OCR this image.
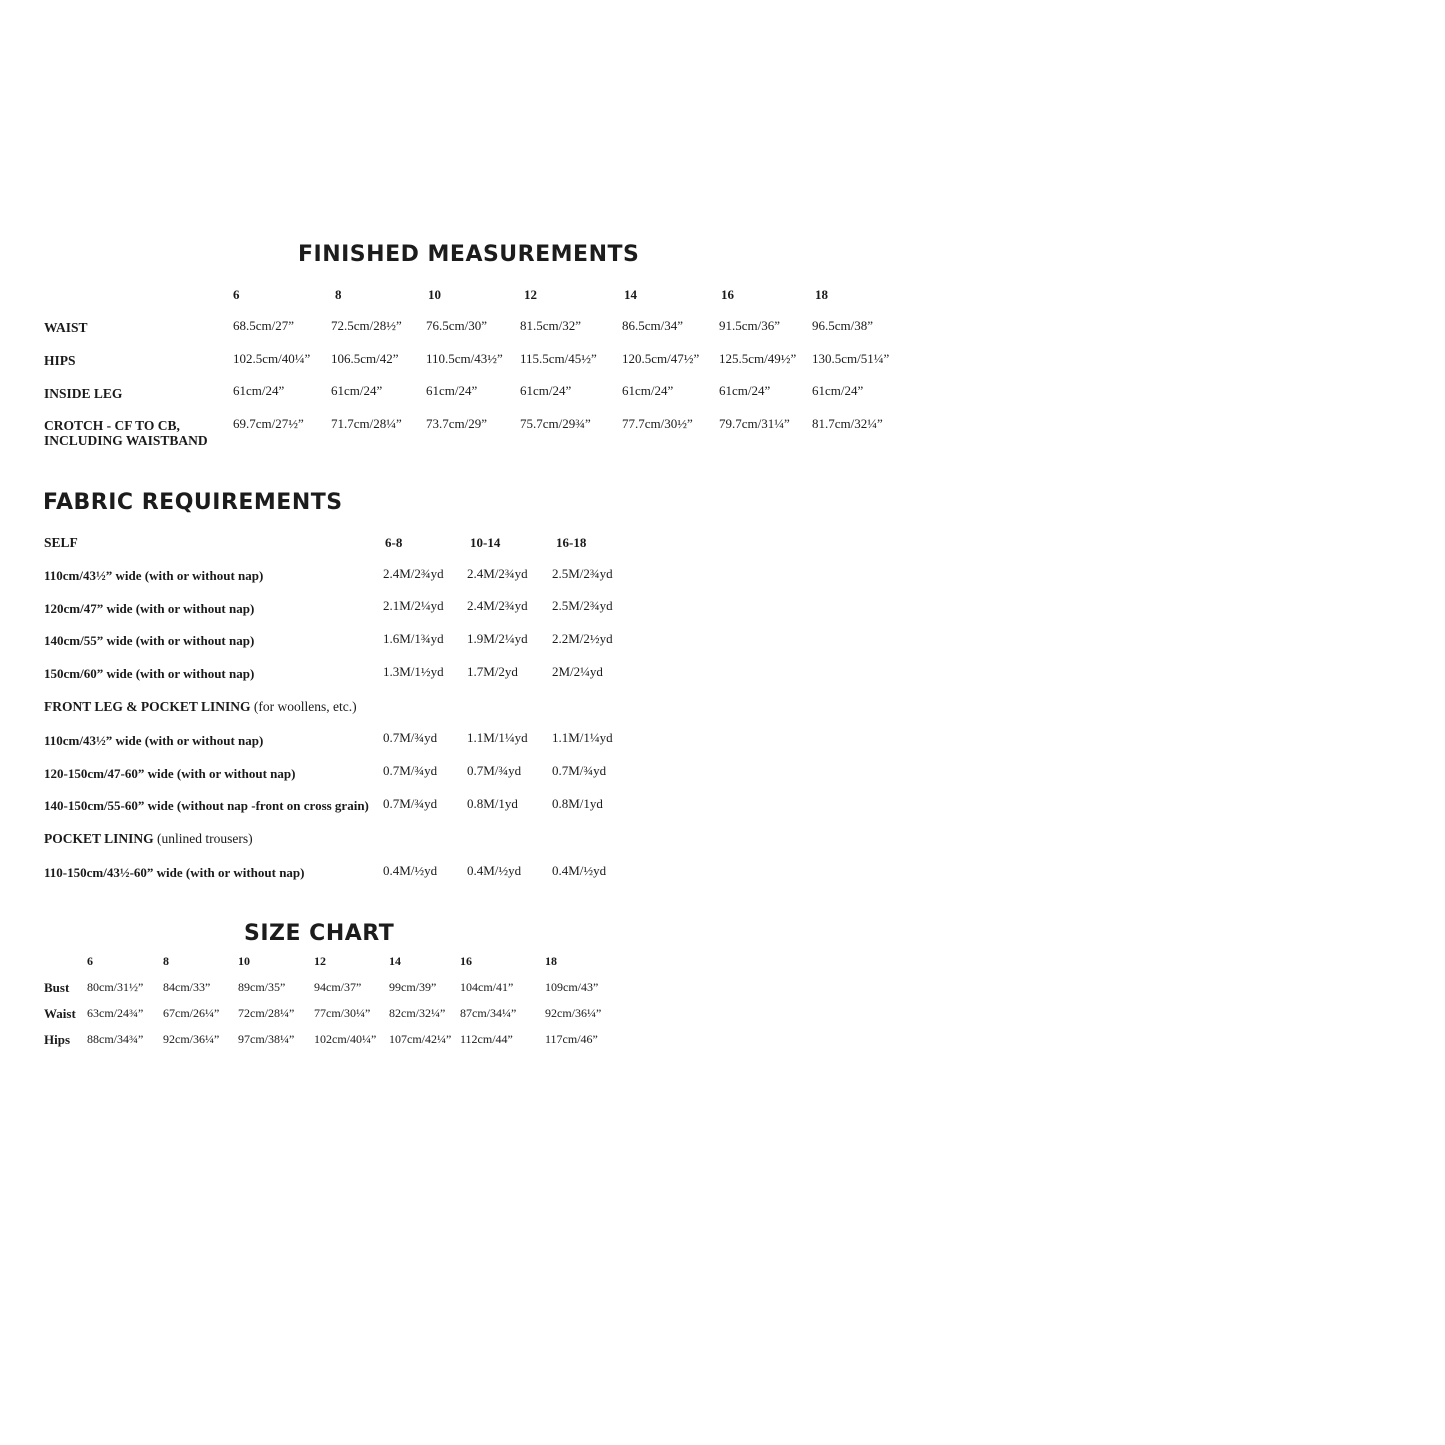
FINISHED MEASUREMENTS
6	8	10	12	14	16	18
WAIST	68.5cm/27”	72.5cm/28½” 76.5cm/30”	81.5cm/32”	86.5cm/34”	91.5cm/36” 96.5cm/38”
HIPS	102.5cm/40¼” 106.5cm/42” 110.5cm/43½” 115.5cm/45½” 120.5cm/47½” 125.5cm/49½” 130.5cm/51¼”
INSIDE LEG	61cm/24”	61cm/24”	61cm/24”	61cm/24”	61cm/24”	61cm/24”	61cm/24”
CROTCH - CF TO CB,
INCLUDING WAISTBAND
69.7cm/27½” 71.7cm/28¼” 73.7cm/29”	75.7cm/29¾” 77.7cm/30½” 79.7cm/31¼” 81.7cm/32¼”
FABRIC REQUIREMENTS
SELF	6-8	10-14	16-18
110cm/43½” wide (with or without nap)	2.4M/2¾yd 2.4M/2¾yd 2.5M/2¾yd
120cm/47” wide (with or without nap)	2.1M/2¼yd 2.4M/2¾yd 2.5M/2¾yd
140cm/55” wide (with or without nap)	1.6M/1¾yd 1.9M/2¼yd 2.2M/2½yd
150cm/60” wide (with or without nap)	1.3M/1½yd 1.7M/2yd	2M/2¼yd
FRONT LEG & POCKET LINING (for woollens, etc.)
110cm/43½” wide (with or without nap)	0.7M/¾yd 1.1M/1¼yd 1.1M/1¼yd
120-150cm/47-60” wide (with or without nap)	0.7M/¾yd 0.7M/¾yd 0.7M/¾yd
140-150cm/55-60” wide (without nap -front on cross grain) 0.7M/¾yd 0.8M/1yd	0.8M/1yd
POCKET LINING (unlined trousers)
110-150cm/43½-60” wide (with or without nap)	0.4M/½yd 0.4M/½yd 0.4M/½yd
SIZE CHART
6	8	10	12	14	16	18
Bust 80cm/31½” 84cm/33” 89cm/35” 94cm/37” 99cm/39” 104cm/41”	109cm/43”
Waist 63cm/24¾” 67cm/26¼” 72cm/28¼” 77cm/30¼” 82cm/32¼” 87cm/34¼” 92cm/36¼”
Hips 88cm/34¾” 92cm/36¼” 97cm/38¼” 102cm/40¼” 107cm/42¼” 112cm/44”	117cm/46”
